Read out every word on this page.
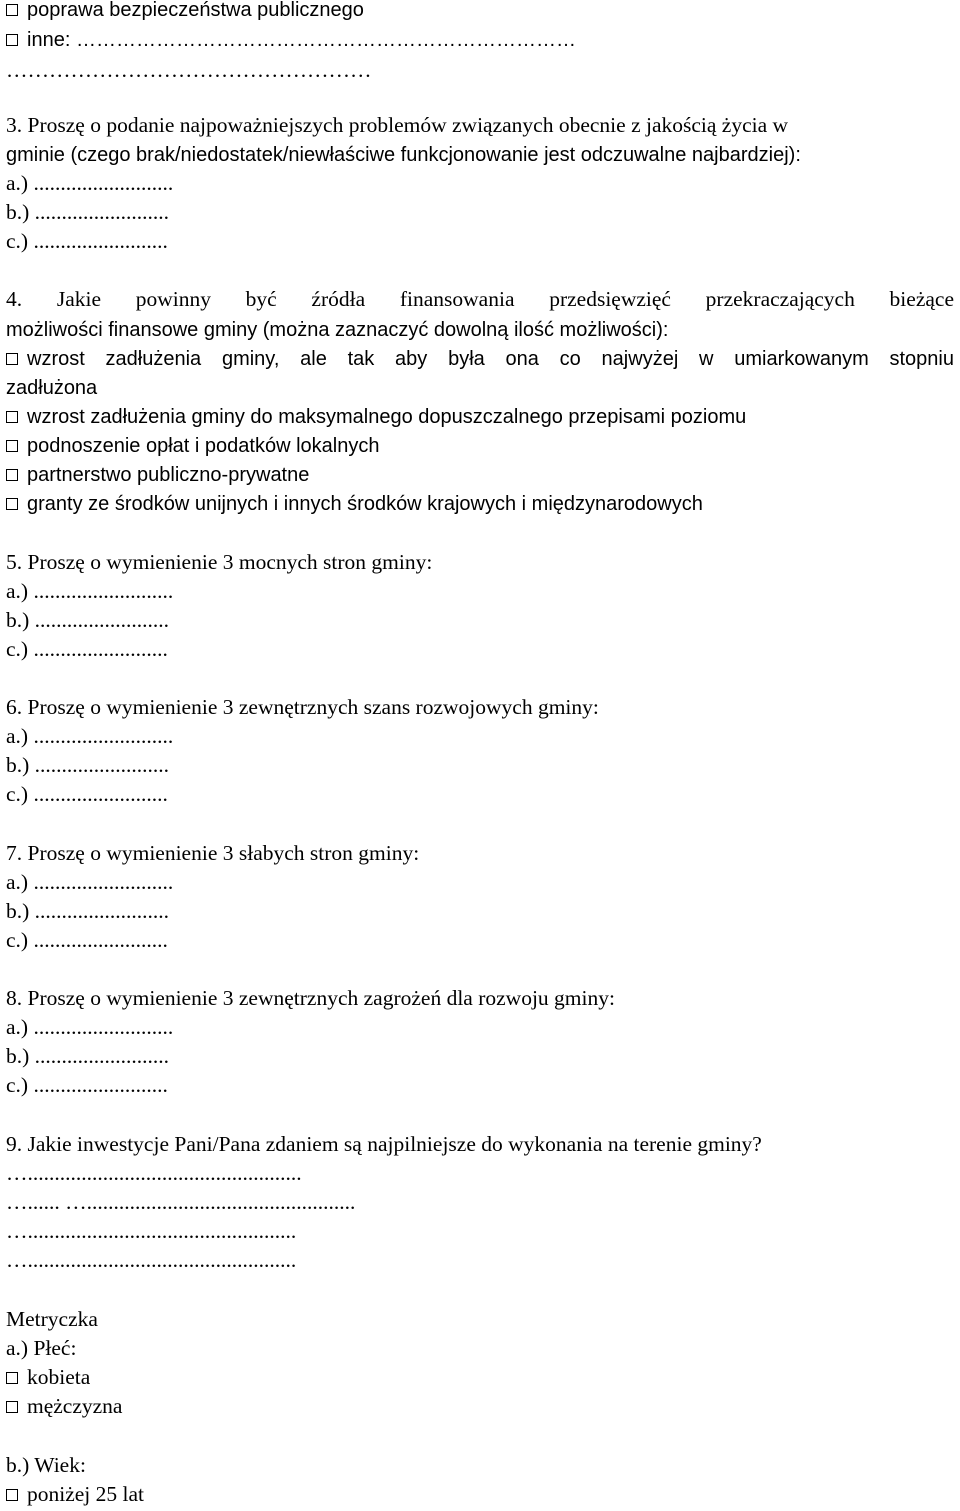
poprawa bezpieczeństwa publicznego
inne: …………………………………………………………………
……………………………………………
3. Proszę o podanie najpoważniejszych problemów związanych obecnie z jakością życia w
gminie (czego brak/niedostatek/niewłaściwe funkcjonowanie jest odczuwalne najbardziej):
a.) ..........................
b.) .........................
c.) .........................
4. Jakie powinny być źródła finansowania przedsięwzięć przekraczających bieżące
możliwości finansowe gminy (można zaznaczyć dowolną ilość możliwości):
wzrost zadłużenia gminy, ale tak aby była ona co najwyżej w umiarkowanym stopniu
zadłużona
wzrost zadłużenia gminy do maksymalnego dopuszczalnego przepisami poziomu
podnoszenie opłat i podatków lokalnych
partnerstwo publiczno-prywatne
granty ze środków unijnych i innych środków krajowych i międzynarodowych
5. Proszę o wymienienie 3 mocnych stron gminy:
a.) ..........................
b.) .........................
c.) .........................
6. Proszę o wymienienie 3 zewnętrznych szans rozwojowych gminy:
a.) ..........................
b.) .........................
c.) .........................
7. Proszę o wymienienie 3 słabych stron gminy:
a.) ..........................
b.) .........................
c.) .........................
8. Proszę o wymienienie 3 zewnętrznych zagrożeń dla rozwoju gminy:
a.) ..........................
b.) .........................
c.) .........................
9. Jakie inwestycje Pani/Pana zdaniem są najpilniejsze do wykonania na terenie gminy?
…...................................................
…...... …..................................................
…..................................................
…..................................................
Metryczka
a.) Płeć:
kobieta
mężczyzna
b.) Wiek:
poniżej 25 lat
